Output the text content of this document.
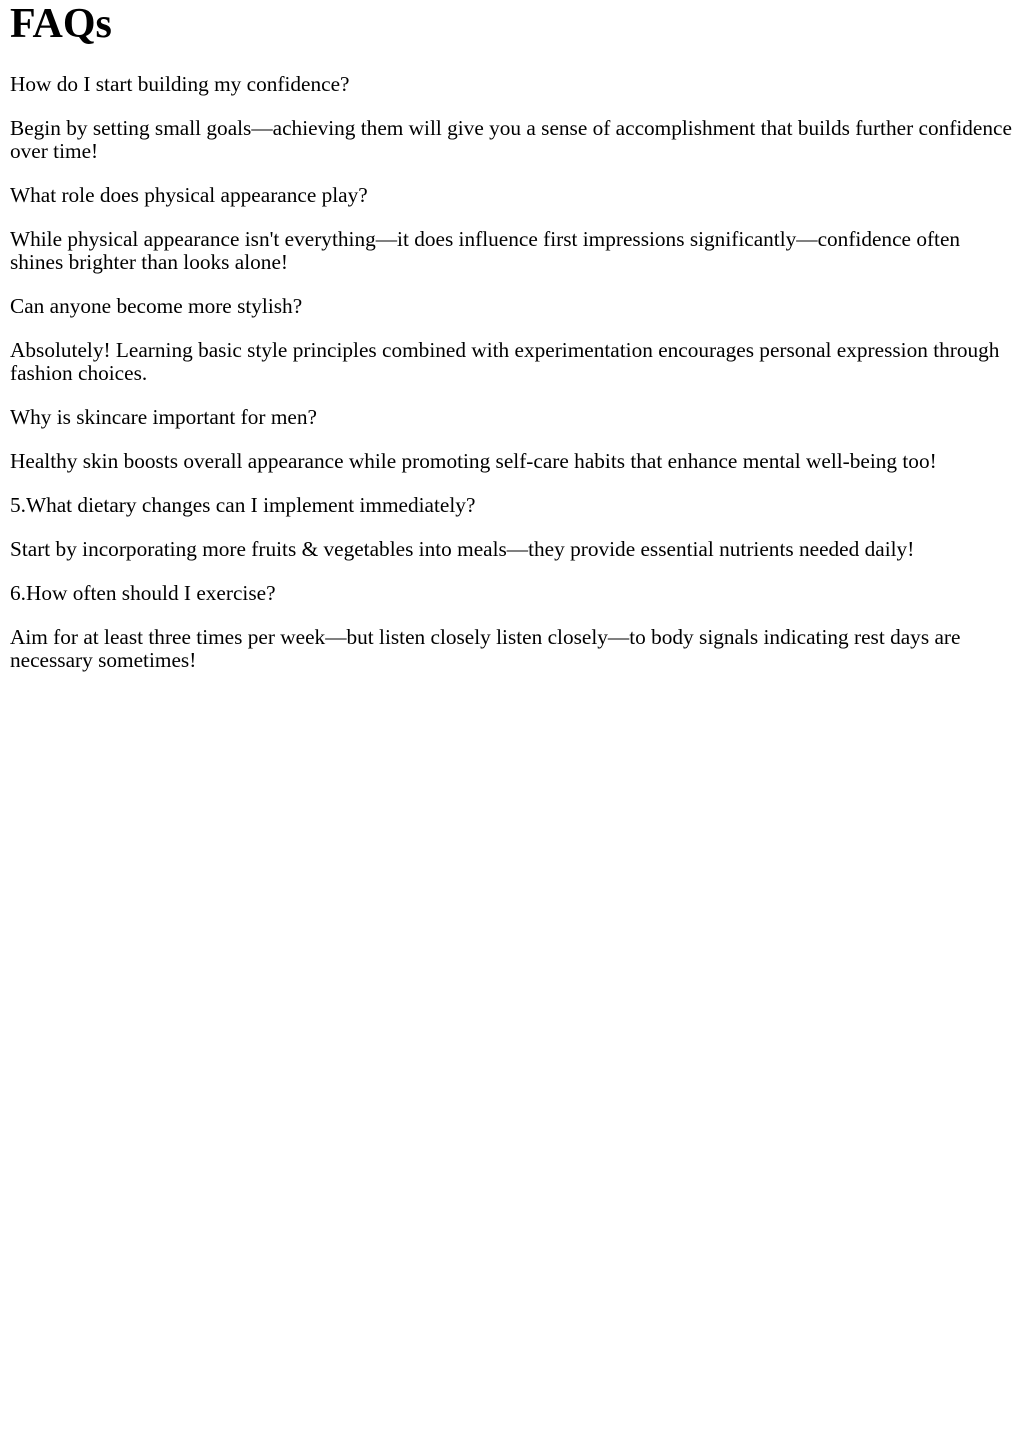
FAQs

How do I start building my confidence?

Begin by setting small goals—achieving them will give you a sense of accomplishment that builds further confidence over time!

What role does physical appearance play?

While physical appearance isn't everything—it does influence first impressions significantly—confidence often shines brighter than looks alone!

Can anyone become more stylish?

Absolutely! Learning basic style principles combined with experimentation encourages personal expression through fashion choices.

Why is skincare important for men?

Healthy skin boosts overall appearance while promoting self-care habits that enhance mental well-being too!

5.What dietary changes can I implement immediately?

Start by incorporating more fruits & vegetables into meals—they provide essential nutrients needed daily!

6.How often should I exercise?

Aim for at least three times per week—but listen closely listen closely—to body signals indicating rest days are necessary sometimes!
